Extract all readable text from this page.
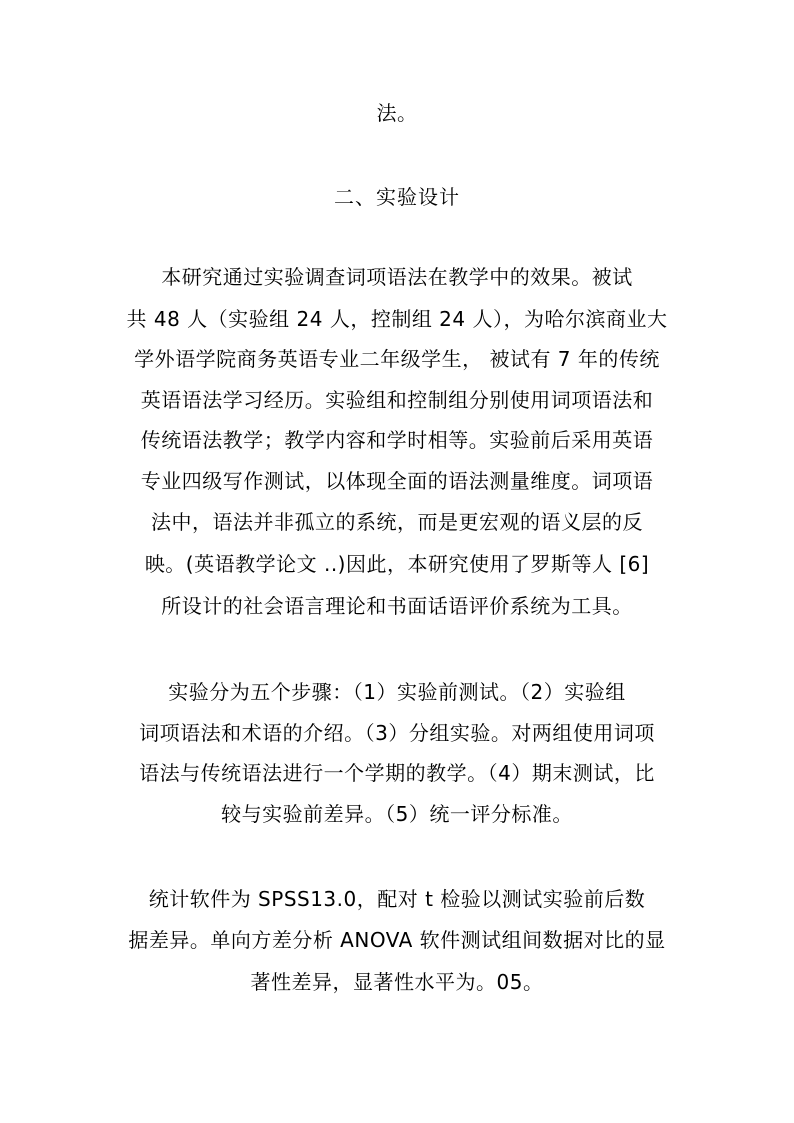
法。
二、实验设计
本研究通过实验调查词项语法在教学中的效果。被试
共 48 人（实验组 24 人，控制组 24 人），为哈尔滨商业大
学外语学院商务英语专业二年级学生， 被试有 7 年的传统
英语语法学习经历。实验组和控制组分别使用词项语法和
传统语法教学；教学内容和学时相等。实验前后采用英语
专业四级写作测试，以体现全面的语法测量维度。词项语
法中，语法并非孤立的系统，而是更宏观的语义层的反
映。(英语教学论文 ..)因此，本研究使用了罗斯等人 [6]
所设计的社会语言理论和书面话语评价系统为工具。
实验分为五个步骤：（1）实验前测试。（2）实验组
词项语法和术语的介绍。（3）分组实验。对两组使用词项
语法与传统语法进行一个学期的教学。（4）期末测试，比
较与实验前差异。（5）统一评分标准。
统计软件为 SPSS13.0，配对 t 检验以测试实验前后数
据差异。单向方差分析 ANOVA 软件测试组间数据对比的显
著性差异，显著性水平为。05。
